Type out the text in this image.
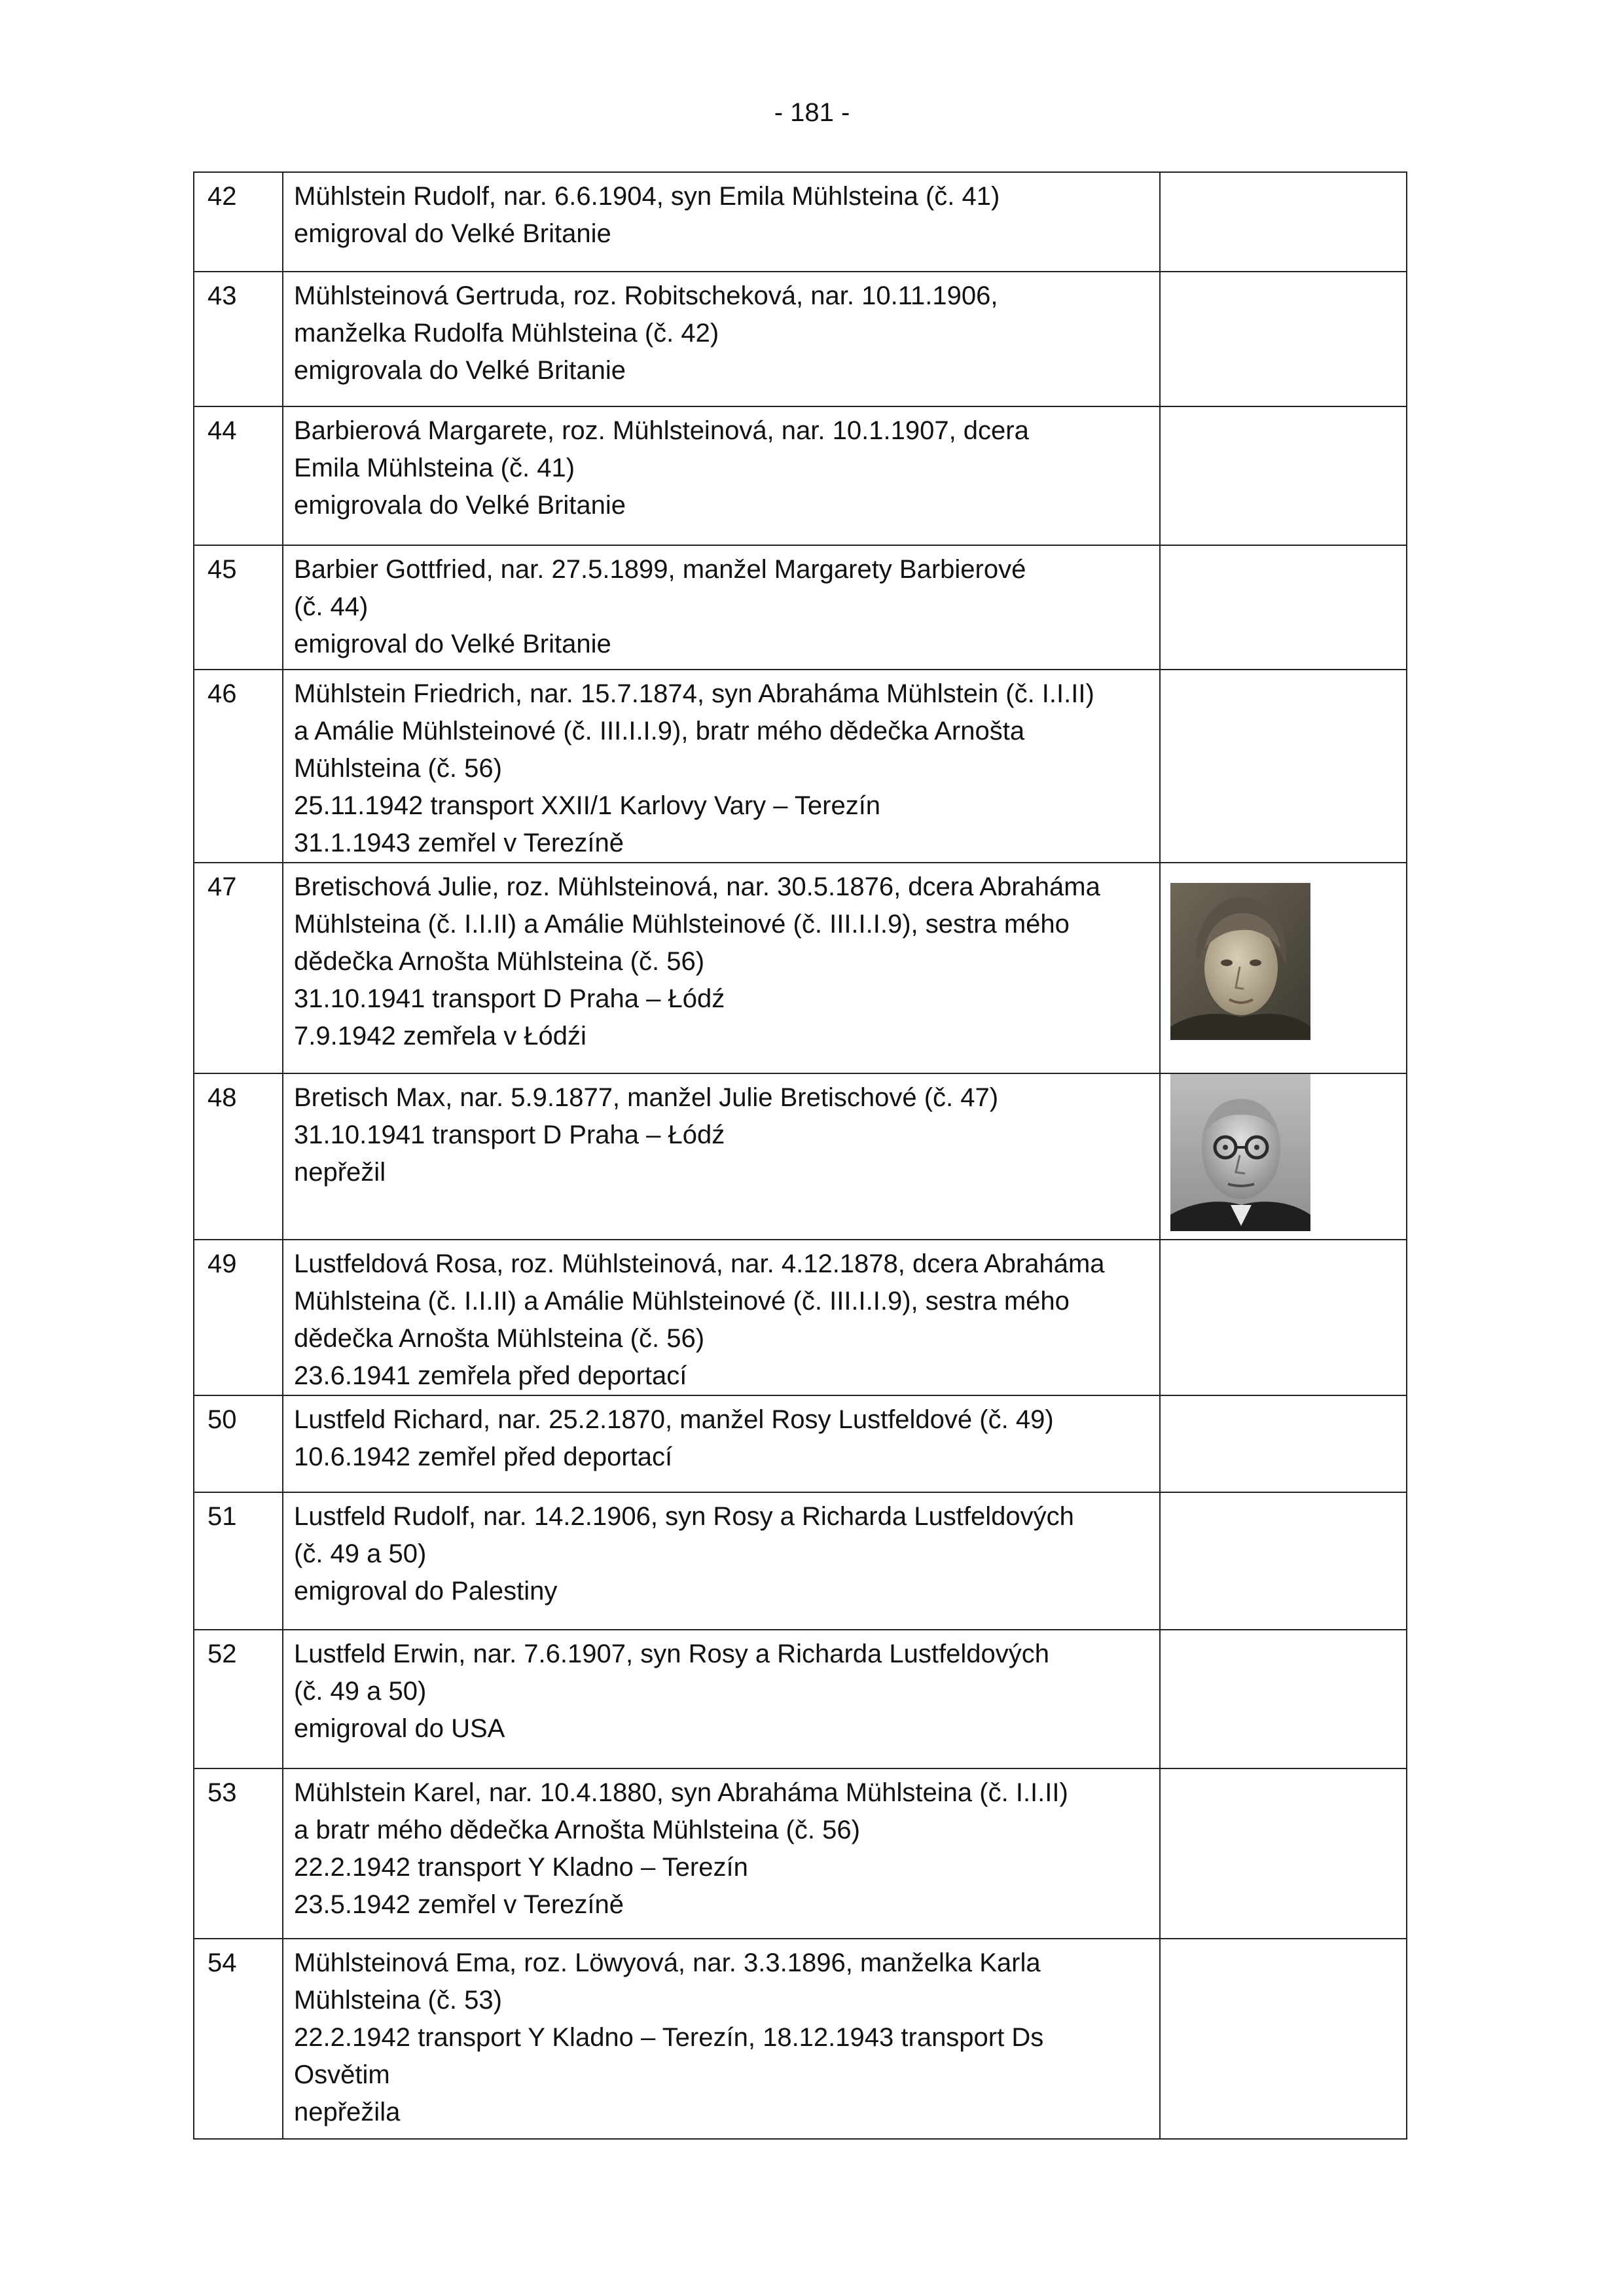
- 181 -
42	Mühlstein Rudolf, nar. 6.6.1904, syn Emila Mühlsteina (č. 41)
emigroval do Velké Britanie	

43	Mühlsteinová Gertruda, roz. Robitscheková, nar. 10.11.1906,
manželka Rudolfa Mühlsteina (č. 42)
emigrovala do Velké Britanie	

44	Barbierová Margarete, roz. Mühlsteinová, nar. 10.1.1907, dcera
Emila Mühlsteina (č. 41)
emigrovala do Velké Britanie	

45	Barbier Gottfried, nar. 27.5.1899, manžel Margarety Barbierové
(č. 44)
emigroval do Velké Britanie	

46	Mühlstein Friedrich, nar. 15.7.1874, syn Abraháma Mühlstein (č. I.I.II)
a Amálie Mühlsteinové (č. III.I.I.9), bratr mého dědečka Arnošta
Mühlsteina (č. 56)
25.11.1942 transport XXII/1 Karlovy Vary – Terezín
31.1.1943 zemřel v Terezíně	

47	Bretischová Julie, roz. Mühlsteinová, nar. 30.5.1876, dcera Abraháma
Mühlsteina (č. I.I.II) a Amálie Mühlsteinové (č. III.I.I.9), sestra mého
dědečka Arnošta Mühlsteina (č. 56)
31.10.1941 transport D Praha – Łódź
7.9.1942 zemřela v Łódźi

48	Bretisch Max, nar. 5.9.1877, manžel Julie Bretischové (č. 47)
31.10.1941 transport D Praha – Łódź
nepřežil

49	Lustfeldová Rosa, roz. Mühlsteinová, nar. 4.12.1878, dcera Abraháma
Mühlsteina (č. I.I.II) a Amálie Mühlsteinové (č. III.I.I.9), sestra mého
dědečka Arnošta Mühlsteina (č. 56)
23.6.1941 zemřela před deportací	

50	Lustfeld Richard, nar. 25.2.1870, manžel Rosy Lustfeldové (č. 49)
10.6.1942 zemřel před deportací	

51	Lustfeld Rudolf, nar. 14.2.1906, syn Rosy a Richarda Lustfeldových
(č. 49 a 50)
emigroval do Palestiny	

52	Lustfeld Erwin, nar. 7.6.1907, syn Rosy a Richarda Lustfeldových
(č. 49 a 50)
emigroval do USA	

53	Mühlstein Karel, nar. 10.4.1880, syn Abraháma Mühlsteina (č. I.I.II)
a bratr mého dědečka Arnošta Mühlsteina (č. 56)
22.2.1942 transport Y Kladno – Terezín
23.5.1942 zemřel v Terezíně	

54	Mühlsteinová Ema, roz. Löwyová, nar. 3.3.1896, manželka Karla
Mühlsteina (č. 53)
22.2.1942 transport Y Kladno – Terezín, 18.12.1943 transport Ds
Osvětim
nepřežila	
